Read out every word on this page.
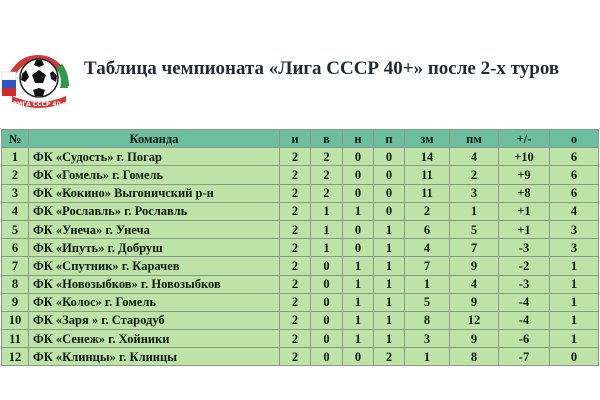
ЛИГА СССР 40+
Таблица чемпионата «Лига СССР 40+» после 2-х туров
№	Команда	и	в	н	п	зм	пм	+/-	о
1	ФК «Судость» г. Погар	2	2	0	0	14	4	+10	6
2	ФК «Гомель» г. Гомель	2	2	0	0	11	2	+9	6
3	ФК «Кокино» Выгоничский р-н	2	2	0	0	11	3	+8	6
4	ФК «Рославль» г. Рославль	2	1	1	0	2	1	+1	4
5	ФК «Унеча» г. Унеча	2	1	0	1	6	5	+1	3
6	ФК «Ипуть» г. Добруш	2	1	0	1	4	7	-3	3
7	ФК «Спутник» г. Карачев	2	0	1	1	7	9	-2	1
8	ФК «Новозыбков» г. Новозыбков	2	0	1	1	1	4	-3	1
9	ФК «Колос» г. Гомель	2	0	1	1	5	9	-4	1
10	ФК «Заря » г. Стародуб	2	0	1	1	8	12	-4	1
11	ФК «Сенеж» г. Хойники	2	0	1	1	3	9	-6	1
12	ФК «Клинцы» г. Клинцы	2	0	0	2	1	8	-7	0
